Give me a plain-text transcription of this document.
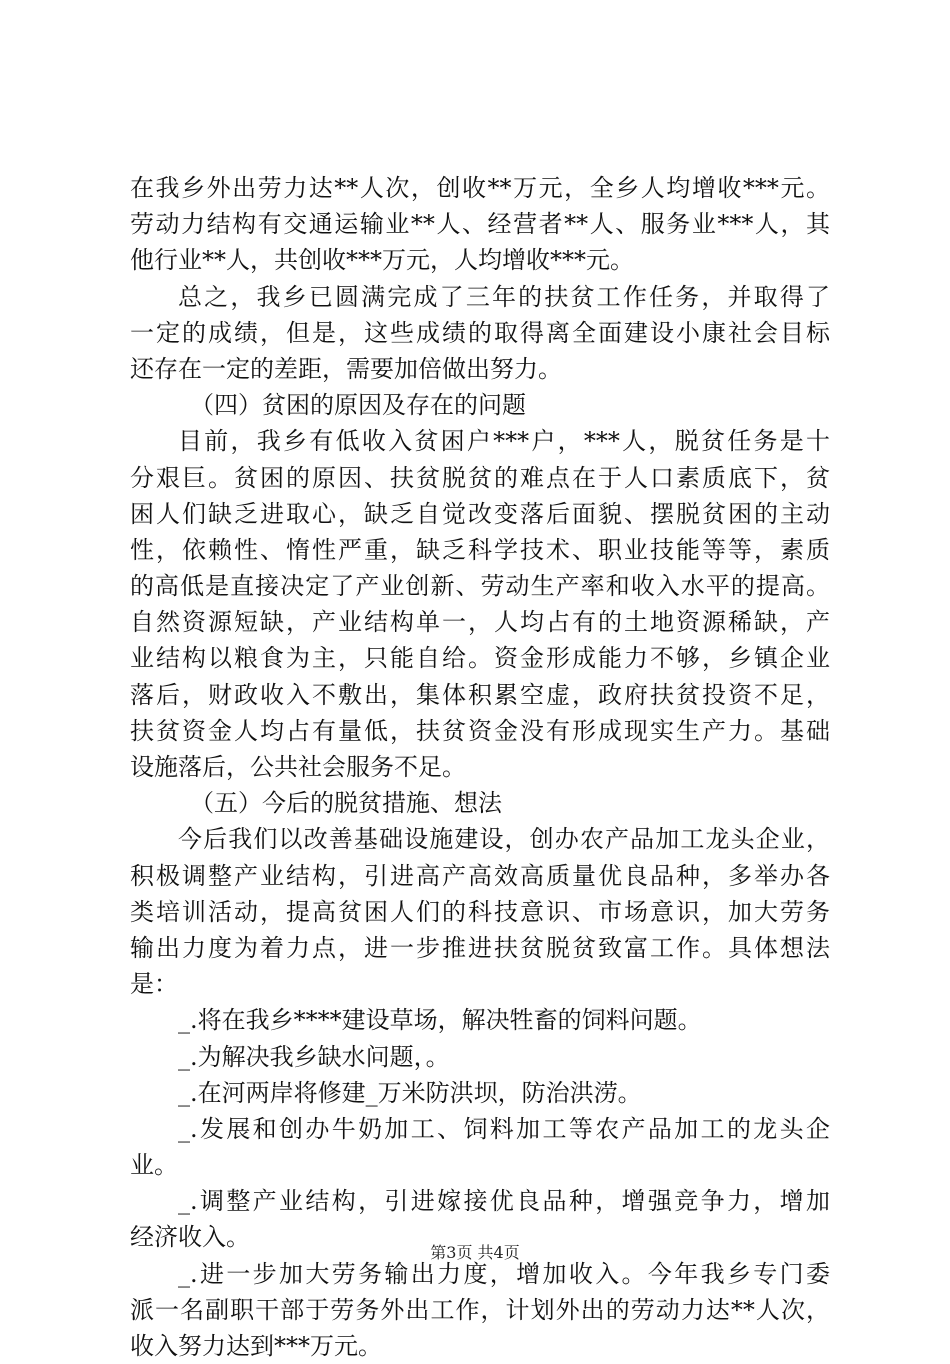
在我乡外出劳力达**人次，创收**万元，全乡人均增收***元。
劳动力结构有交通运输业**人、经营者**人、服务业***人，其
他行业**人，共创收***万元，人均增收***元。
总之，我乡已圆满完成了三年的扶贫工作任务，并取得了
一定的成绩，但是，这些成绩的取得离全面建设小康社会目标
还存在一定的差距，需要加倍做出努力。
（四）贫困的原因及存在的问题
目前，我乡有低收入贫困户***户，***人，脱贫任务是十
分艰巨。贫困的原因、扶贫脱贫的难点在于人口素质底下，贫
困人们缺乏进取心，缺乏自觉改变落后面貌、摆脱贫困的主动
性，依赖性、惰性严重，缺乏科学技术、职业技能等等，素质
的高低是直接决定了产业创新、劳动生产率和收入水平的提高。
自然资源短缺，产业结构单一，人均占有的土地资源稀缺，产
业结构以粮食为主，只能自给。资金形成能力不够，乡镇企业
落后，财政收入不敷出，集体积累空虚，政府扶贫投资不足，
扶贫资金人均占有量低，扶贫资金没有形成现实生产力。基础
设施落后，公共社会服务不足。
（五）今后的脱贫措施、想法
今后我们以改善基础设施建设，创办农产品加工龙头企业，
积极调整产业结构，引进高产高效高质量优良品种，多举办各
类培训活动，提高贫困人们的科技意识、市场意识，加大劳务
输出力度为着力点，进一步推进扶贫脱贫致富工作。具体想法
是：
_.将在我乡****建设草场，解决牲畜的饲料问题。
_.为解决我乡缺水问题，。
_.在河两岸将修建_万米防洪坝，防治洪涝。
_.发展和创办牛奶加工、饲料加工等农产品加工的龙头企
业。
_.调整产业结构，引进嫁接优良品种，增强竞争力，增加
经济收入。
_.进一步加大劳务输出力度，增加收入。今年我乡专门委
派一名副职干部于劳务外出工作，计划外出的劳动力达**人次，
收入努力达到***万元。
第3页 共4页
